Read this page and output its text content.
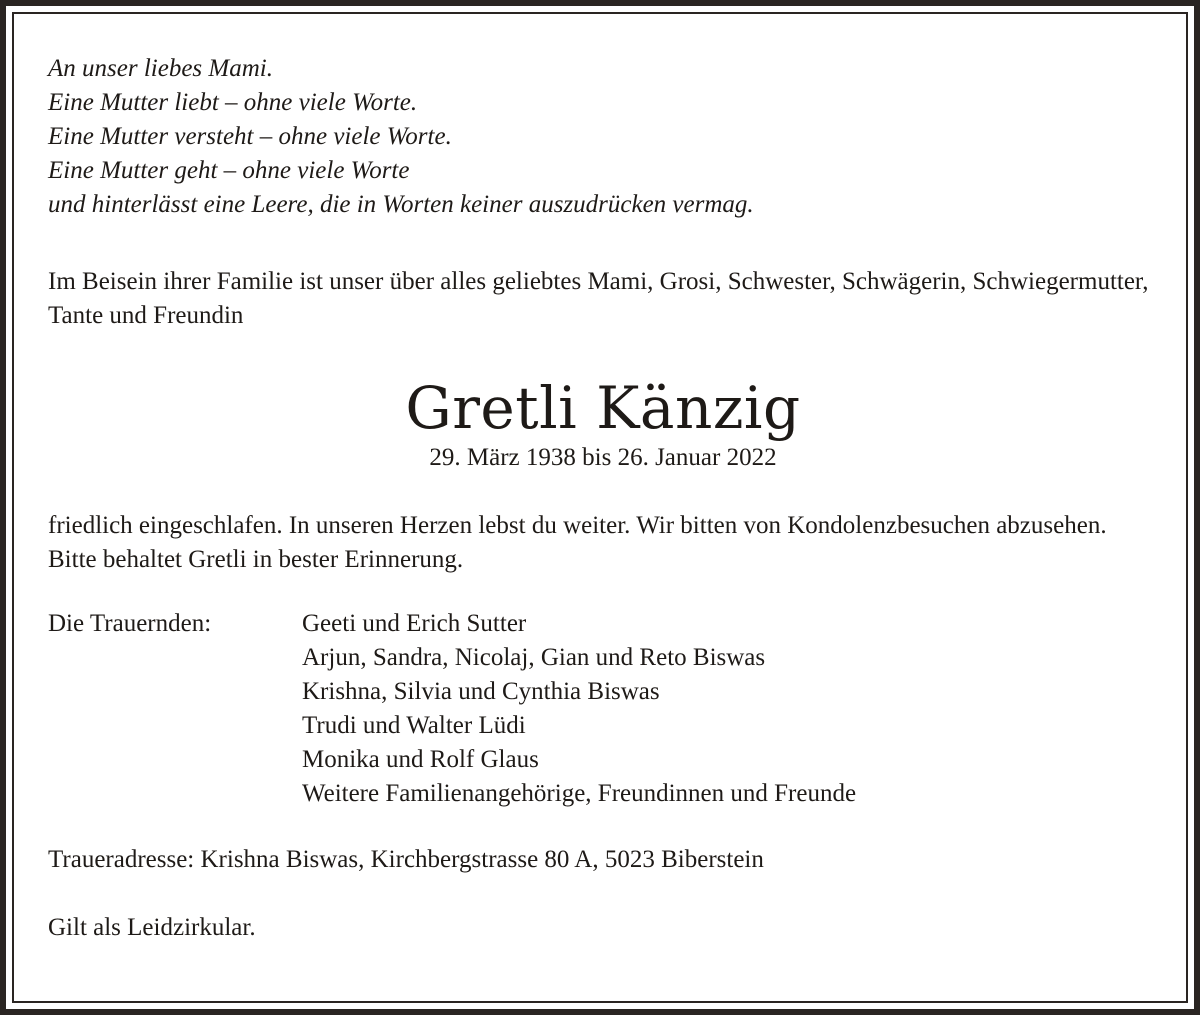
An unser liebes Mami.
Eine Mutter liebt – ohne viele Worte.
Eine Mutter versteht – ohne viele Worte.
Eine Mutter geht – ohne viele Worte
und hinterlässt eine Leere, die in Worten keiner auszudrücken vermag.
Im Beisein ihrer Familie ist unser über alles geliebtes Mami, Grosi, Schwester, Schwägerin, Schwiegermutter, Tante und Freundin
Gretli Känzig
29. März 1938 bis 26. Januar 2022
friedlich eingeschlafen. In unseren Herzen lebst du weiter. Wir bitten von Kondolenzbesuchen abzusehen. Bitte behaltet Gretli in bester Erinnerung.
Die Trauernden:	Geeti und Erich Sutter
Arjun, Sandra, Nicolaj, Gian und Reto Biswas
Krishna, Silvia und Cynthia Biswas
Trudi und Walter Lüdi
Monika und Rolf Glaus
Weitere Familienangehörige, Freundinnen und Freunde
Traueradresse: Krishna Biswas, Kirchbergstrasse 80 A, 5023 Biberstein
Gilt als Leidzirkular.
